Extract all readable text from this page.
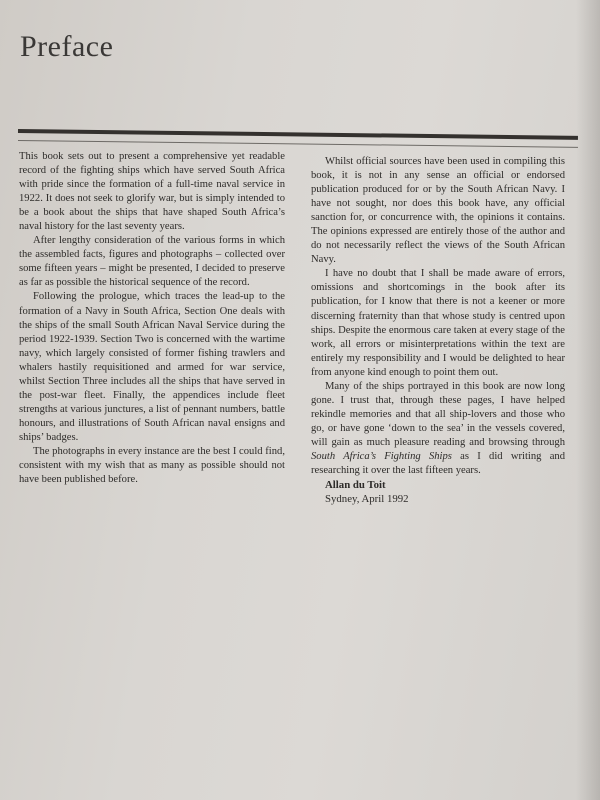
Preface

This book sets out to present a comprehensive yet readable record of the fighting ships which have served South Africa with pride since the formation of a full-time naval service in 1922. It does not seek to glorify war, but is simply intended to be a book about the ships that have shaped South Africa’s naval history for the last seventy years.

After lengthy consideration of the various forms in which the assembled facts, figures and photographs – collected over some fifteen years – might be presented, I decided to preserve as far as possible the historical sequence of the record.

Following the prologue, which traces the lead-up to the formation of a Navy in South Africa, Section One deals with the ships of the small South African Naval Service during the period 1922-1939. Section Two is concerned with the wartime navy, which largely consisted of former fishing trawlers and whalers hastily requisitioned and armed for war service, whilst Section Three includes all the ships that have served in the post-war fleet. Finally, the appendices include fleet strengths at various junctures, a list of pennant numbers, battle honours, and illustrations of South African naval ensigns and ships’ badges.

The photographs in every instance are the best I could find, consistent with my wish that as many as possible should not have been published before.

Whilst official sources have been used in compiling this book, it is not in any sense an official or endorsed publication produced for or by the South African Navy. I have not sought, nor does this book have, any official sanction for, or concurrence with, the opinions it contains. The opinions expressed are entirely those of the author and do not necessarily reflect the views of the South African Navy.

I have no doubt that I shall be made aware of errors, omissions and shortcomings in the book after its publication, for I know that there is not a keener or more discerning fraternity than that whose study is centred upon ships. Despite the enormous care taken at every stage of the work, all errors or misinterpretations within the text are entirely my responsibility and I would be delighted to hear from anyone kind enough to point them out.

Many of the ships portrayed in this book are now long gone. I trust that, through these pages, I have helped rekindle memories and that all ship-lovers and those who go, or have gone ‘down to the sea’ in the vessels covered, will gain as much pleasure reading and browsing through South Africa’s Fighting Ships as I did writing and researching it over the last fifteen years.

Allan du Toit
Sydney, April 1992
